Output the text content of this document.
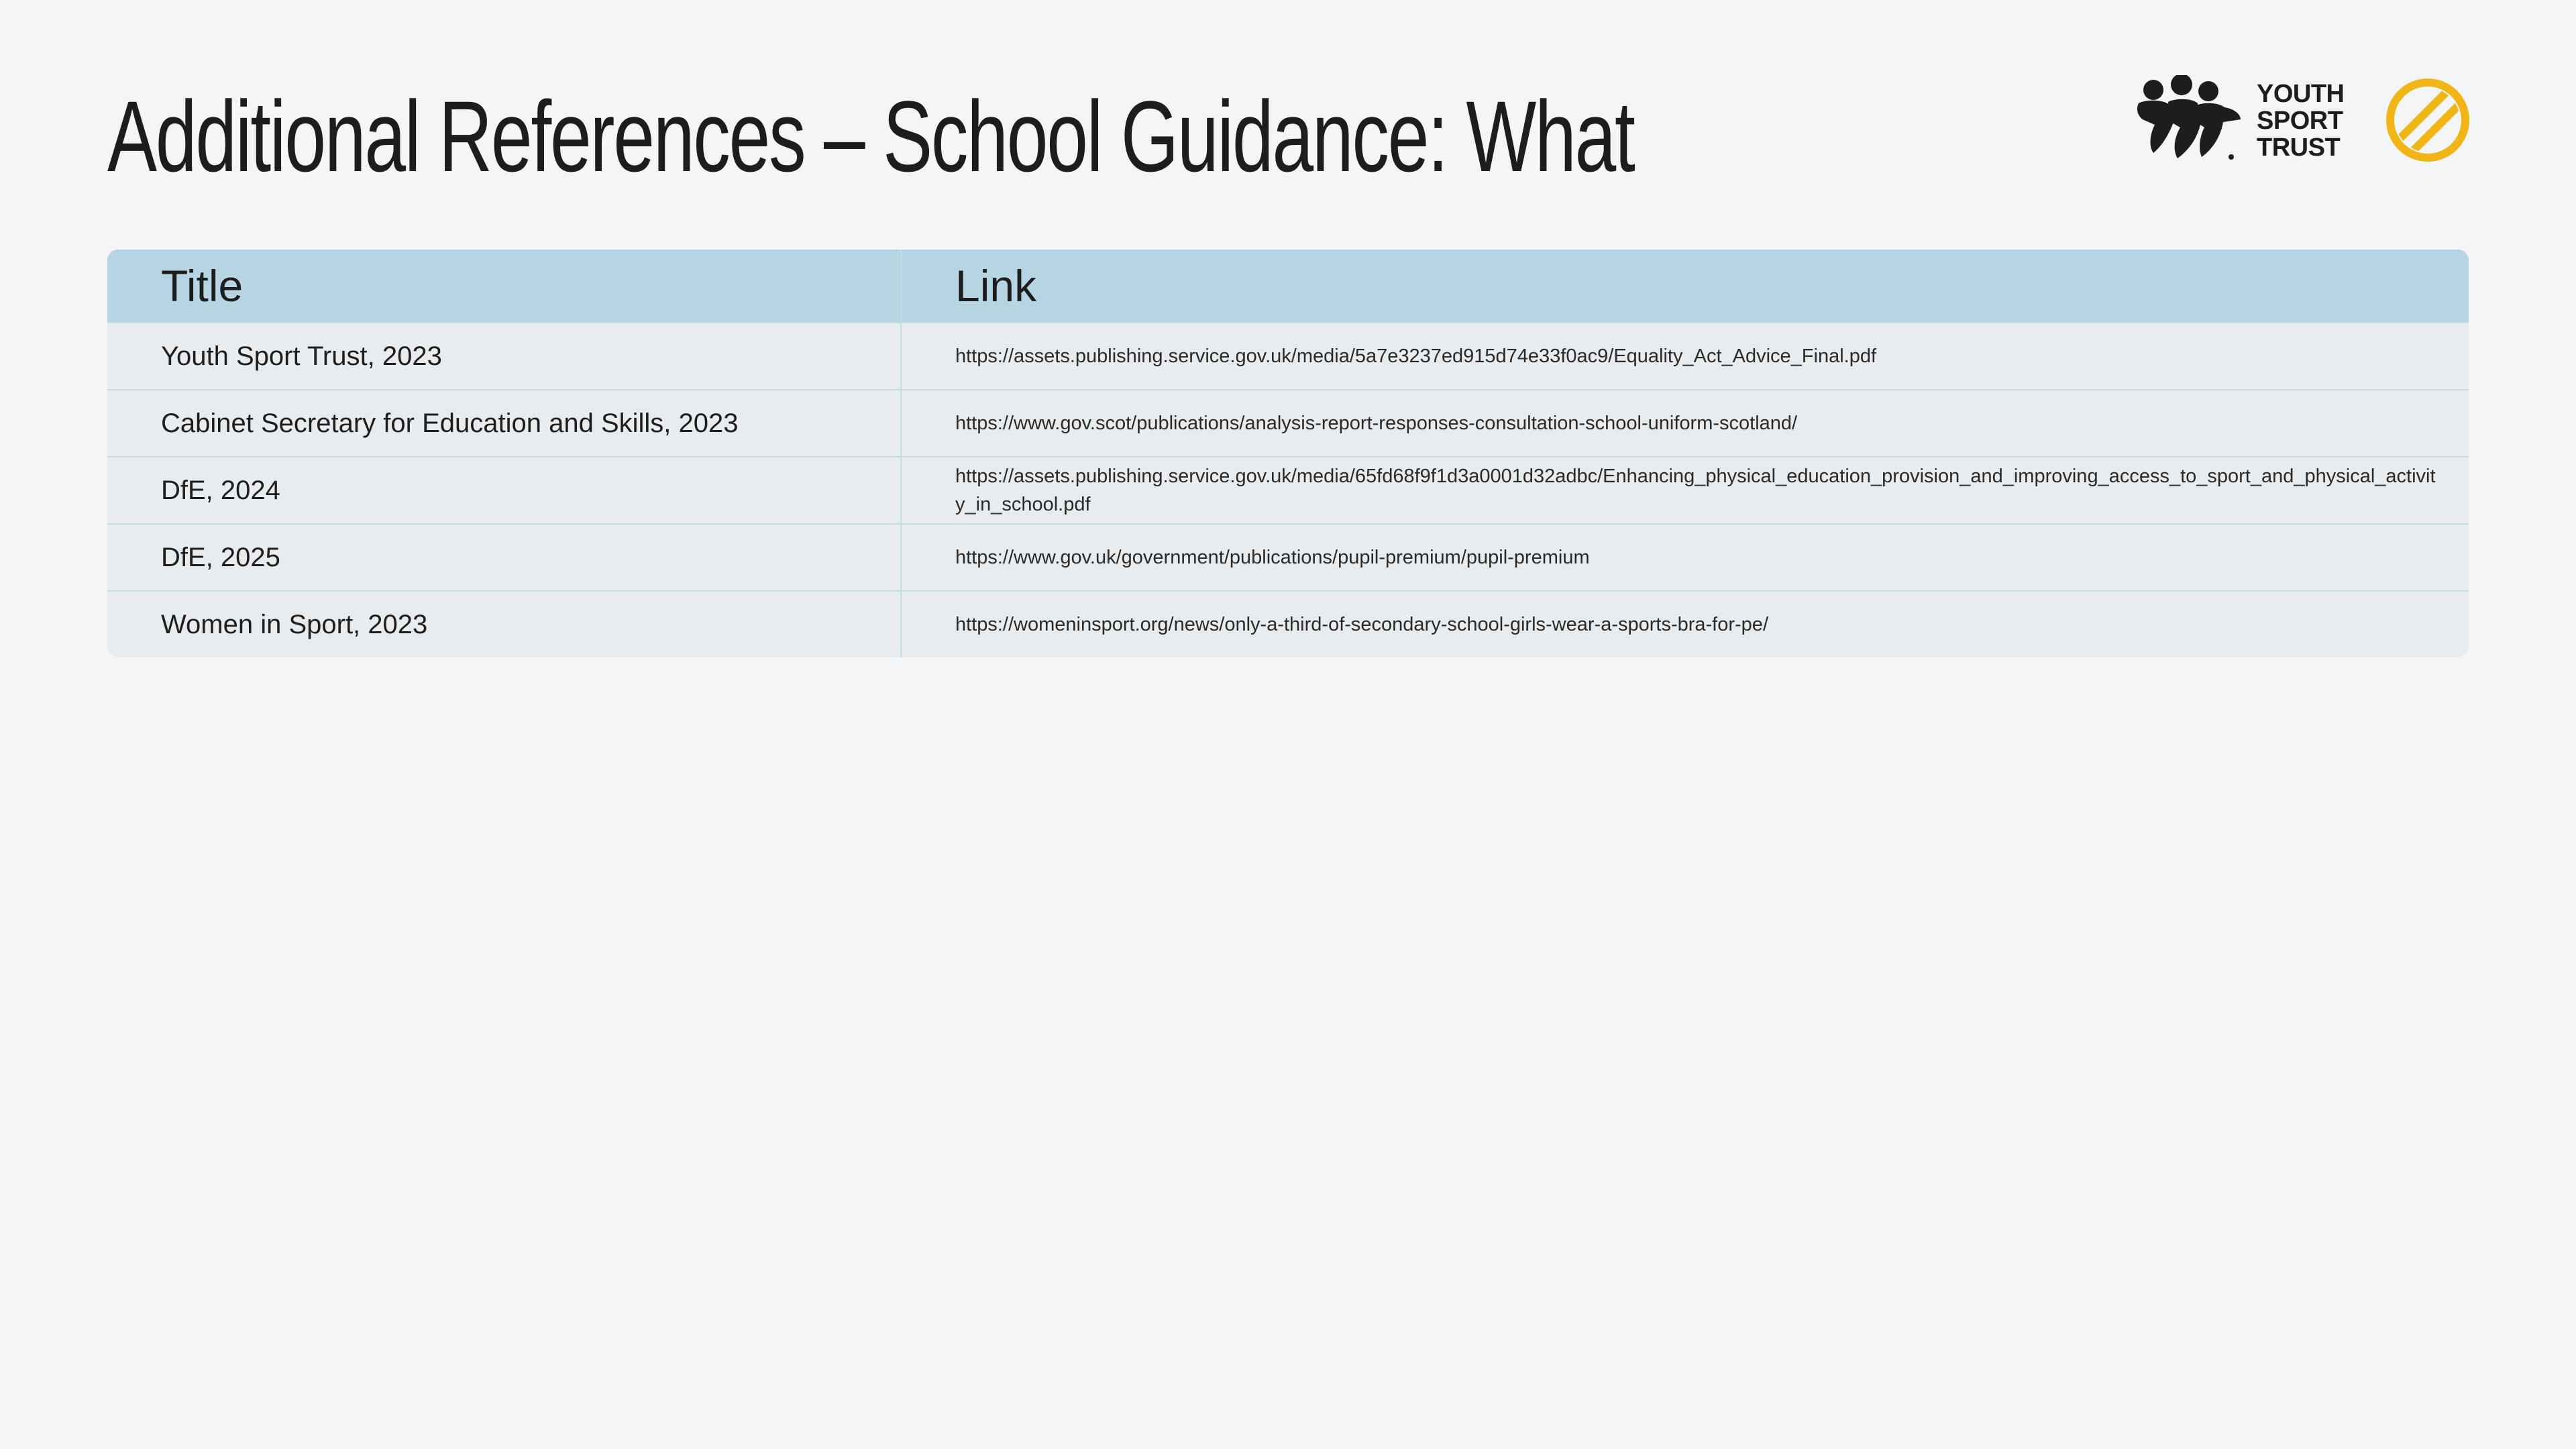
Additional References – School Guidance: What	YOUTH
SPORT
TRUST
Title	Link
Youth Sport Trust, 2023	https://assets.publishing.service.gov.uk/media/5a7e3237ed915d74e33f0ac9/Equality_Act_Advice_Final.pdf
Cabinet Secretary for Education and Skills, 2023	https://www.gov.scot/publications/analysis-report-responses-consultation-school-uniform-scotland/
DfE, 2024	https://assets.publishing.service.gov.uk/media/65fd68f9f1d3a0001d32adbc/Enhancing_physical_education_provision_and_improving_access_to_sport_and_physical_activity_in_school.pdf
DfE, 2025	https://www.gov.uk/government/publications/pupil-premium/pupil-premium
Women in Sport, 2023	https://womeninsport.org/news/only-a-third-of-secondary-school-girls-wear-a-sports-bra-for-pe/
